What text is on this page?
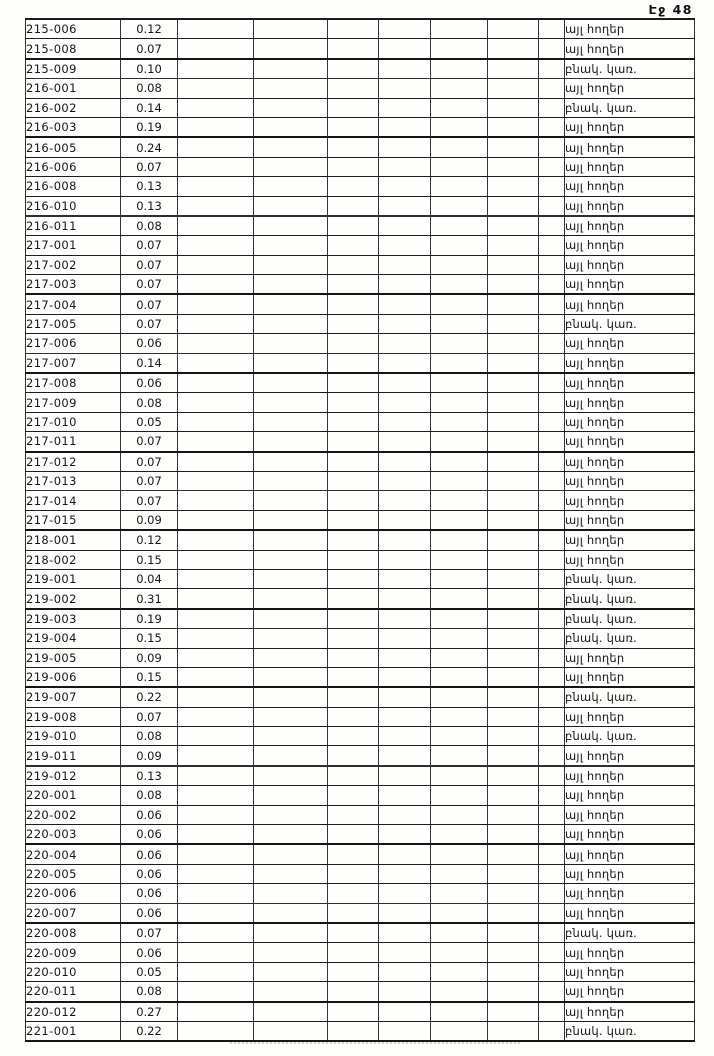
Էջ 48
215-006	0.12								այլ հողեր
215-008	0.07								այլ հողեր
215-009	0.10								բնակ. կառ.
216-001	0.08								այլ հողեր
216-002	0.14								բնակ. կառ.
216-003	0.19								այլ հողեր
216-005	0.24								այլ հողեր
216-006	0.07								այլ հողեր
216-008	0.13								այլ հողեր
216-010	0.13								այլ հողեր
216-011	0.08								այլ հողեր
217-001	0.07								այլ հողեր
217-002	0.07								այլ հողեր
217-003	0.07								այլ հողեր
217-004	0.07								այլ հողեր
217-005	0.07								բնակ. կառ.
217-006	0.06								այլ հողեր
217-007	0.14								այլ հողեր
217-008	0.06								այլ հողեր
217-009	0.08								այլ հողեր
217-010	0.05								այլ հողեր
217-011	0.07								այլ հողեր
217-012	0.07								այլ հողեր
217-013	0.07								այլ հողեր
217-014	0.07								այլ հողեր
217-015	0.09								այլ հողեր
218-001	0.12								այլ հողեր
218-002	0.15								այլ հողեր
219-001	0.04								բնակ. կառ.
219-002	0.31								բնակ. կառ.
219-003	0.19								բնակ. կառ.
219-004	0.15								բնակ. կառ.
219-005	0.09								այլ հողեր
219-006	0.15								այլ հողեր
219-007	0.22								բնակ. կառ.
219-008	0.07								այլ հողեր
219-010	0.08								բնակ. կառ.
219-011	0.09								այլ հողեր
219-012	0.13								այլ հողեր
220-001	0.08								այլ հողեր
220-002	0.06								այլ հողեր
220-003	0.06								այլ հողեր
220-004	0.06								այլ հողեր
220-005	0.06								այլ հողեր
220-006	0.06								այլ հողեր
220-007	0.06								այլ հողեր
220-008	0.07								բնակ. կառ.
220-009	0.06								այլ հողեր
220-010	0.05								այլ հողեր
220-011	0.08								այլ հողեր
220-012	0.27								այլ հողեր
221-001	0.22								բնակ. կառ.
